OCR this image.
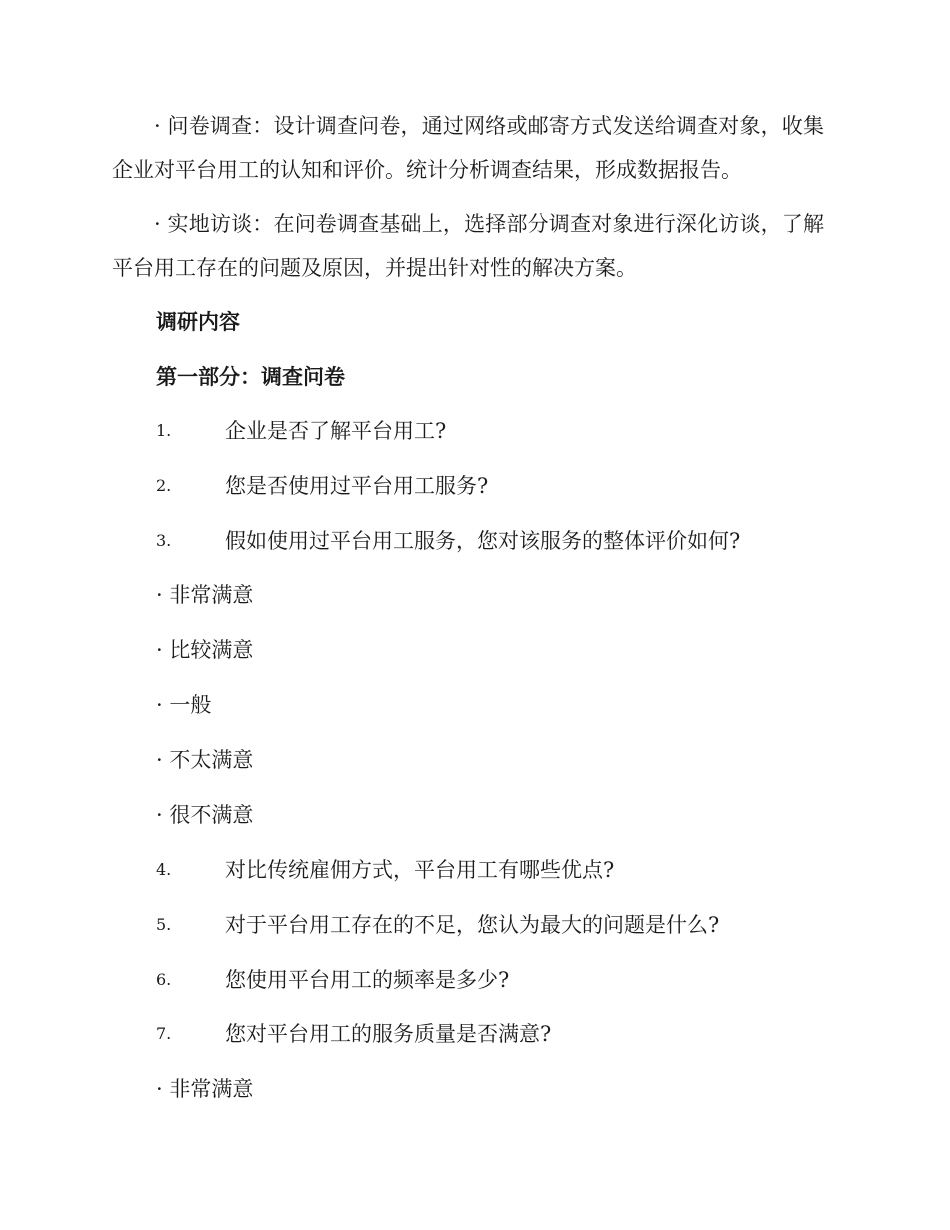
· 问卷调查：设计调查问卷，通过网络或邮寄方式发送给调查对象，收集企业对平台用工的认知和评价。统计分析调查结果，形成数据报告。

· 实地访谈：在问卷调查基础上，选择部分调查对象进行深化访谈，了解平台用工存在的问题及原因，并提出针对性的解决方案。

调研内容
第一部分：调查问卷
1.	企业是否了解平台用工?
2.	您是否使用过平台用工服务?
3.	假如使用过平台用工服务，您对该服务的整体评价如何?
· 非常满意
· 比较满意
· 一般
· 不太满意
· 很不满意
4.	对比传统雇佣方式，平台用工有哪些优点?
5.	对于平台用工存在的不足，您认为最大的问题是什么?
6.	您使用平台用工的频率是多少?
7.	您对平台用工的服务质量是否满意?
· 非常满意
